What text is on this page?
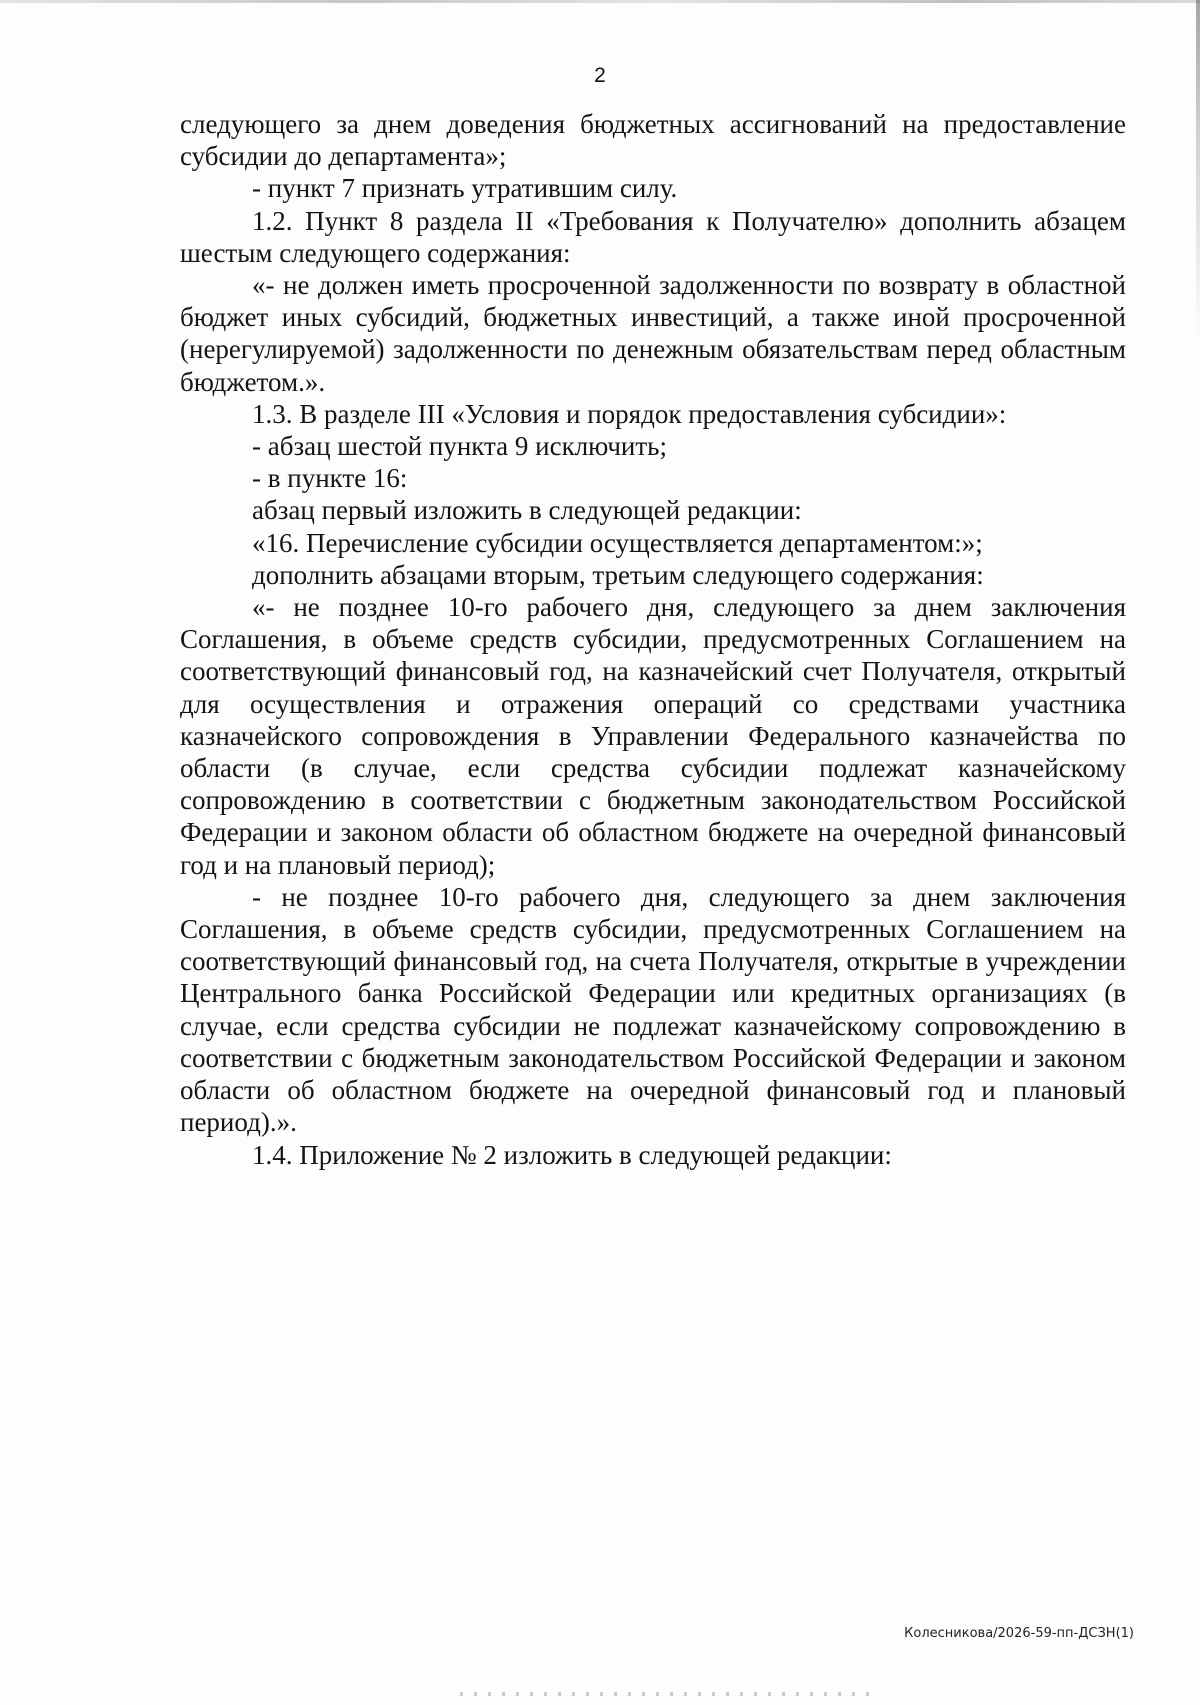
2

следующего за днем доведения бюджетных ассигнований на предоставление субсидии до департамента»;

- пункт 7 признать утратившим силу.

1.2. Пункт 8 раздела II «Требования к Получателю» дополнить абзацем шестым следующего содержания:

«- не должен иметь просроченной задолженности по возврату в областной бюджет иных субсидий, бюджетных инвестиций, а также иной просроченной (нерегулируемой) задолженности по денежным обязательствам перед областным бюджетом.».

1.3. В разделе III «Условия и порядок предоставления субсидии»:

- абзац шестой пункта 9 исключить;

- в пункте 16:

абзац первый изложить в следующей редакции:

«16. Перечисление субсидии осуществляется департаментом:»;

дополнить абзацами вторым, третьим следующего содержания:

«- не позднее 10-го рабочего дня, следующего за днем заключения Соглашения, в объеме средств субсидии, предусмотренных Соглашением на соответствующий финансовый год, на казначейский счет Получателя, открытый для осуществления и отражения операций со средствами участника казначейского сопровождения в Управлении Федерального казначейства по области (в случае, если средства субсидии подлежат казначейскому сопровождению в соответствии с бюджетным законодательством Российской Федерации и законом области об областном бюджете на очередной финансовый год и на плановый период);

- не позднее 10-го рабочего дня, следующего за днем заключения Соглашения, в объеме средств субсидии, предусмотренных Соглашением на соответствующий финансовый год, на счета Получателя, открытые в учреждении Центрального банка Российской Федерации или кредитных организациях (в случае, если средства субсидии не подлежат казначейскому сопровождению в соответствии с бюджетным законодательством Российской Федерации и законом области об областном бюджете на очередной финансовый год и плановый период).».

1.4. Приложение № 2 изложить в следующей редакции:

Колесникова/2026-59-пп-ДСЗН(1)
